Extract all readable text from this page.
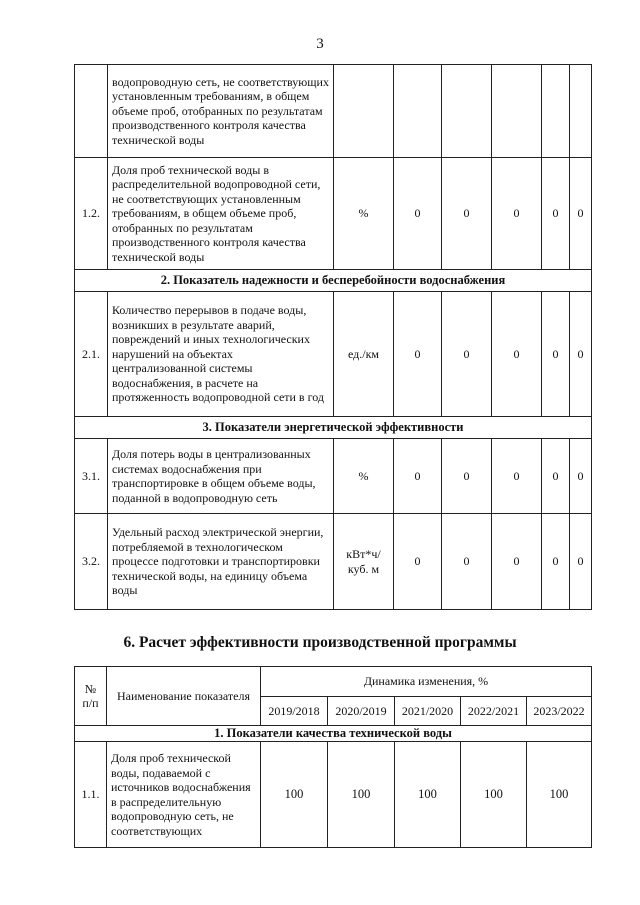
3
	водопроводную сеть, не соответствующих установленным требованиям, в общем объеме проб, отобранных по результатам производственного контроля качества технической воды						
1.2.	Доля проб технической воды в распределительной водопроводной сети, не соответствующих установленным требованиям, в общем объеме проб, отобранных по результатам производственного контроля качества технической воды	%	0	0	0	0	0
2. Показатель надежности и бесперебойности водоснабжения							
2.1.	Количество перерывов в подаче воды, возникших в результате аварий, повреждений и иных технологических нарушений на объектах централизованной системы водоснабжения, в расчете на протяженность водопроводной сети в год	ед./км	0	0	0	0	0
3. Показатели энергетической эффективности							
3.1.	Доля потерь воды в централизованных системах водоснабжения при транспортировке в общем объеме воды, поданной в водопроводную сеть	%	0	0	0	0	0
3.2.	Удельный расход электрической энергии, потребляемой в технологическом процессе подготовки и транспортировки технической воды, на единицу объема воды	кВт*ч/ куб. м	0	0	0	0	0
6. Расчет эффективности производственной программы
№ п/п	Наименование показателя	Динамика изменения, %				
		2019/2018	2020/2019	2021/2020	2022/2021	2023/2022
1. Показатели качества технической воды						
1.1.	Доля проб технической воды, подаваемой с источников водоснабжения в распределительную водопроводную сеть, не соответствующих	100	100	100	100	100
